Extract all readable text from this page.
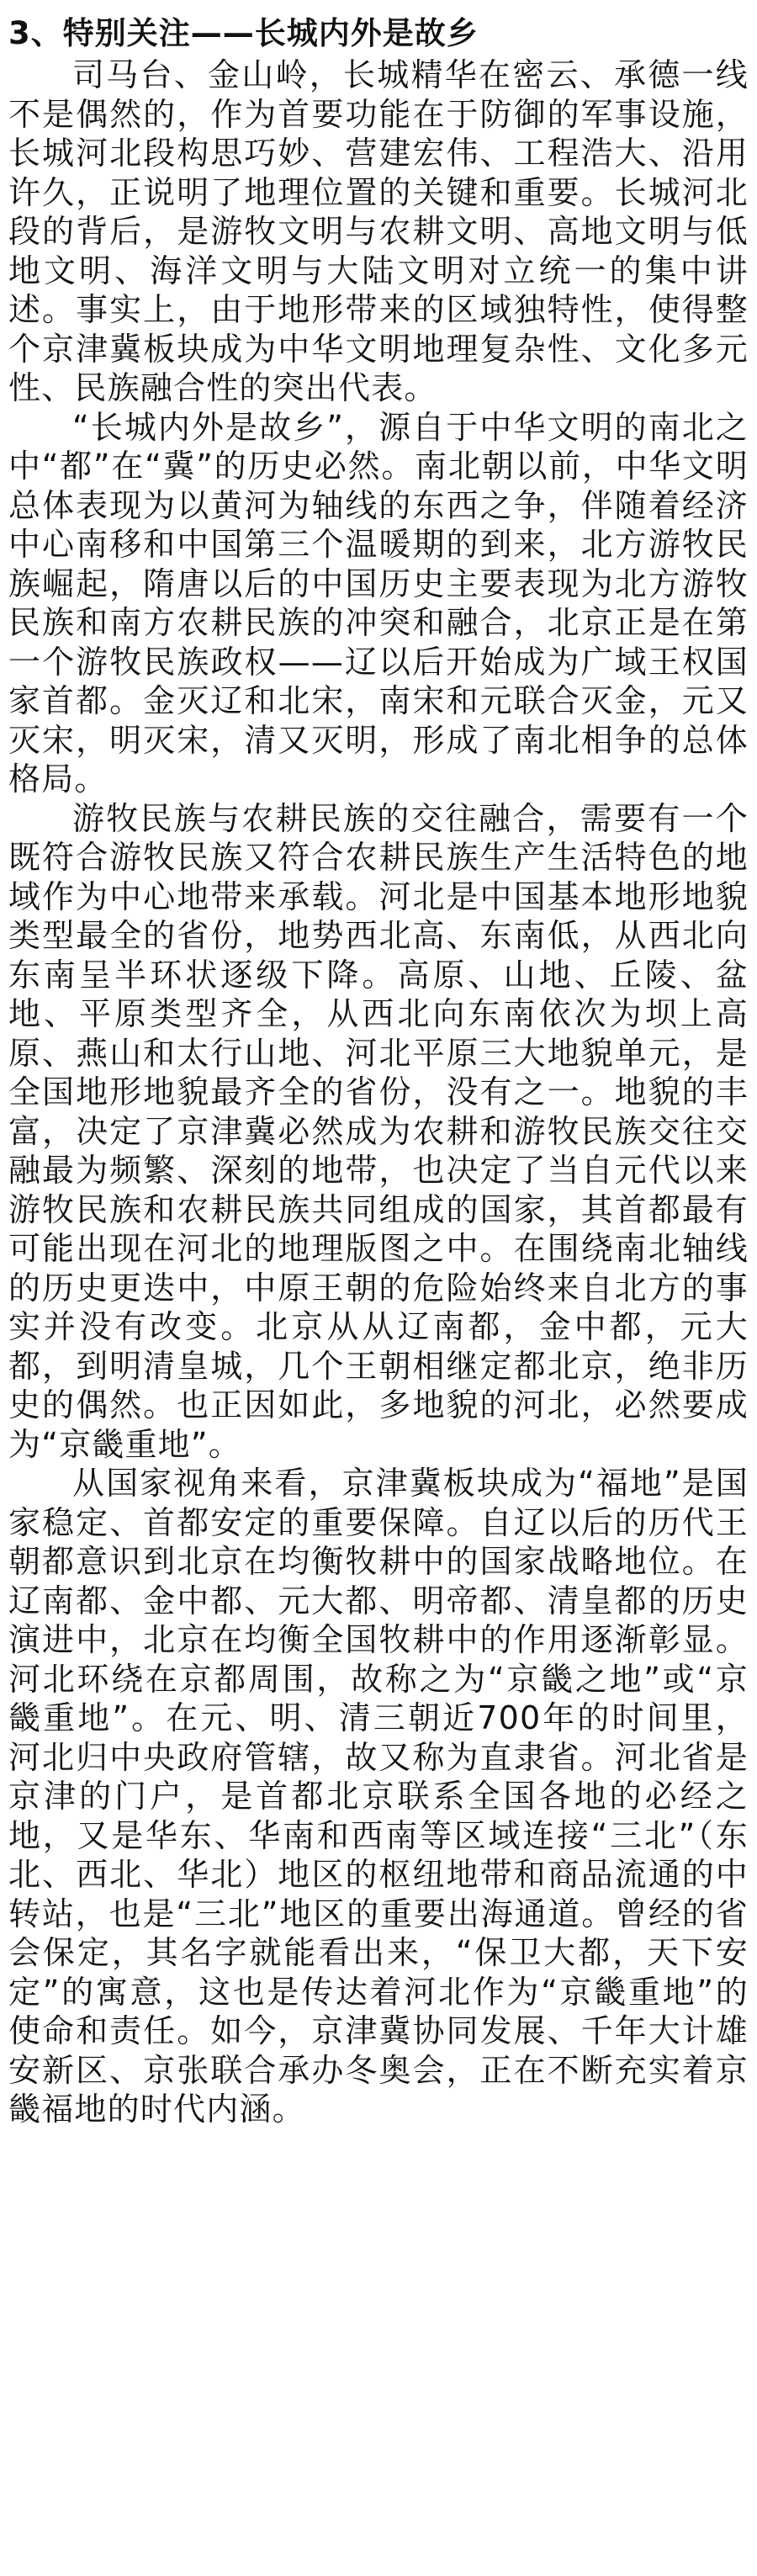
3、特别关注——长城内外是故乡

司马台、金山岭，长城精华在密云、承德一线不是偶然的，作为首要功能在于防御的军事设施，长城河北段构思巧妙、营建宏伟、工程浩大、沿用许久，正说明了地理位置的关键和重要。长城河北段的背后，是游牧文明与农耕文明、高地文明与低地文明、海洋文明与大陆文明对立统一的集中讲述。事实上，由于地形带来的区域独特性，使得整个京津冀板块成为中华文明地理复杂性、文化多元性、民族融合性的突出代表。

“长城内外是故乡”，源自于中华文明的南北之中“都”在“冀”的历史必然。南北朝以前，中华文明总体表现为以黄河为轴线的东西之争，伴随着经济中心南移和中国第三个温暖期的到来，北方游牧民族崛起，隋唐以后的中国历史主要表现为北方游牧民族和南方农耕民族的冲突和融合，北京正是在第一个游牧民族政权——辽以后开始成为广域王权国家首都。金灭辽和北宋，南宋和元联合灭金，元又灭宋，明灭宋，清又灭明，形成了南北相争的总体格局。

游牧民族与农耕民族的交往融合，需要有一个既符合游牧民族又符合农耕民族生产生活特色的地域作为中心地带来承载。河北是中国基本地形地貌类型最全的省份，地势西北高、东南低，从西北向东南呈半环状逐级下降。高原、山地、丘陵、盆地、平原类型齐全，从西北向东南依次为坝上高原、燕山和太行山地、河北平原三大地貌单元，是全国地形地貌最齐全的省份，没有之一。地貌的丰富，决定了京津冀必然成为农耕和游牧民族交往交融最为频繁、深刻的地带，也决定了当自元代以来游牧民族和农耕民族共同组成的国家，其首都最有可能出现在河北的地理版图之中。在围绕南北轴线的历史更迭中，中原王朝的危险始终来自北方的事实并没有改变。北京从从辽南都，金中都，元大都，到明清皇城，几个王朝相继定都北京，绝非历史的偶然。也正因如此，多地貌的河北，必然要成为“京畿重地”。

从国家视角来看，京津冀板块成为“福地”是国家稳定、首都安定的重要保障。自辽以后的历代王朝都意识到北京在均衡牧耕中的国家战略地位。在辽南都、金中都、元大都、明帝都、清皇都的历史演进中，北京在均衡全国牧耕中的作用逐渐彰显。河北环绕在京都周围，故称之为“京畿之地”或“京畿重地”。在元、明、清三朝近700年的时间里，河北归中央政府管辖，故又称为直隶省。河北省是京津的门户，是首都北京联系全国各地的必经之地，又是华东、华南和西南等区域连接“三北”（东北、西北、华北）地区的枢纽地带和商品流通的中转站，也是“三北”地区的重要出海通道。曾经的省会保定，其名字就能看出来，“保卫大都，天下安定”的寓意，这也是传达着河北作为“京畿重地”的使命和责任。如今，京津冀协同发展、千年大计雄安新区、京张联合承办冬奥会，正在不断充实着京畿福地的时代内涵。
